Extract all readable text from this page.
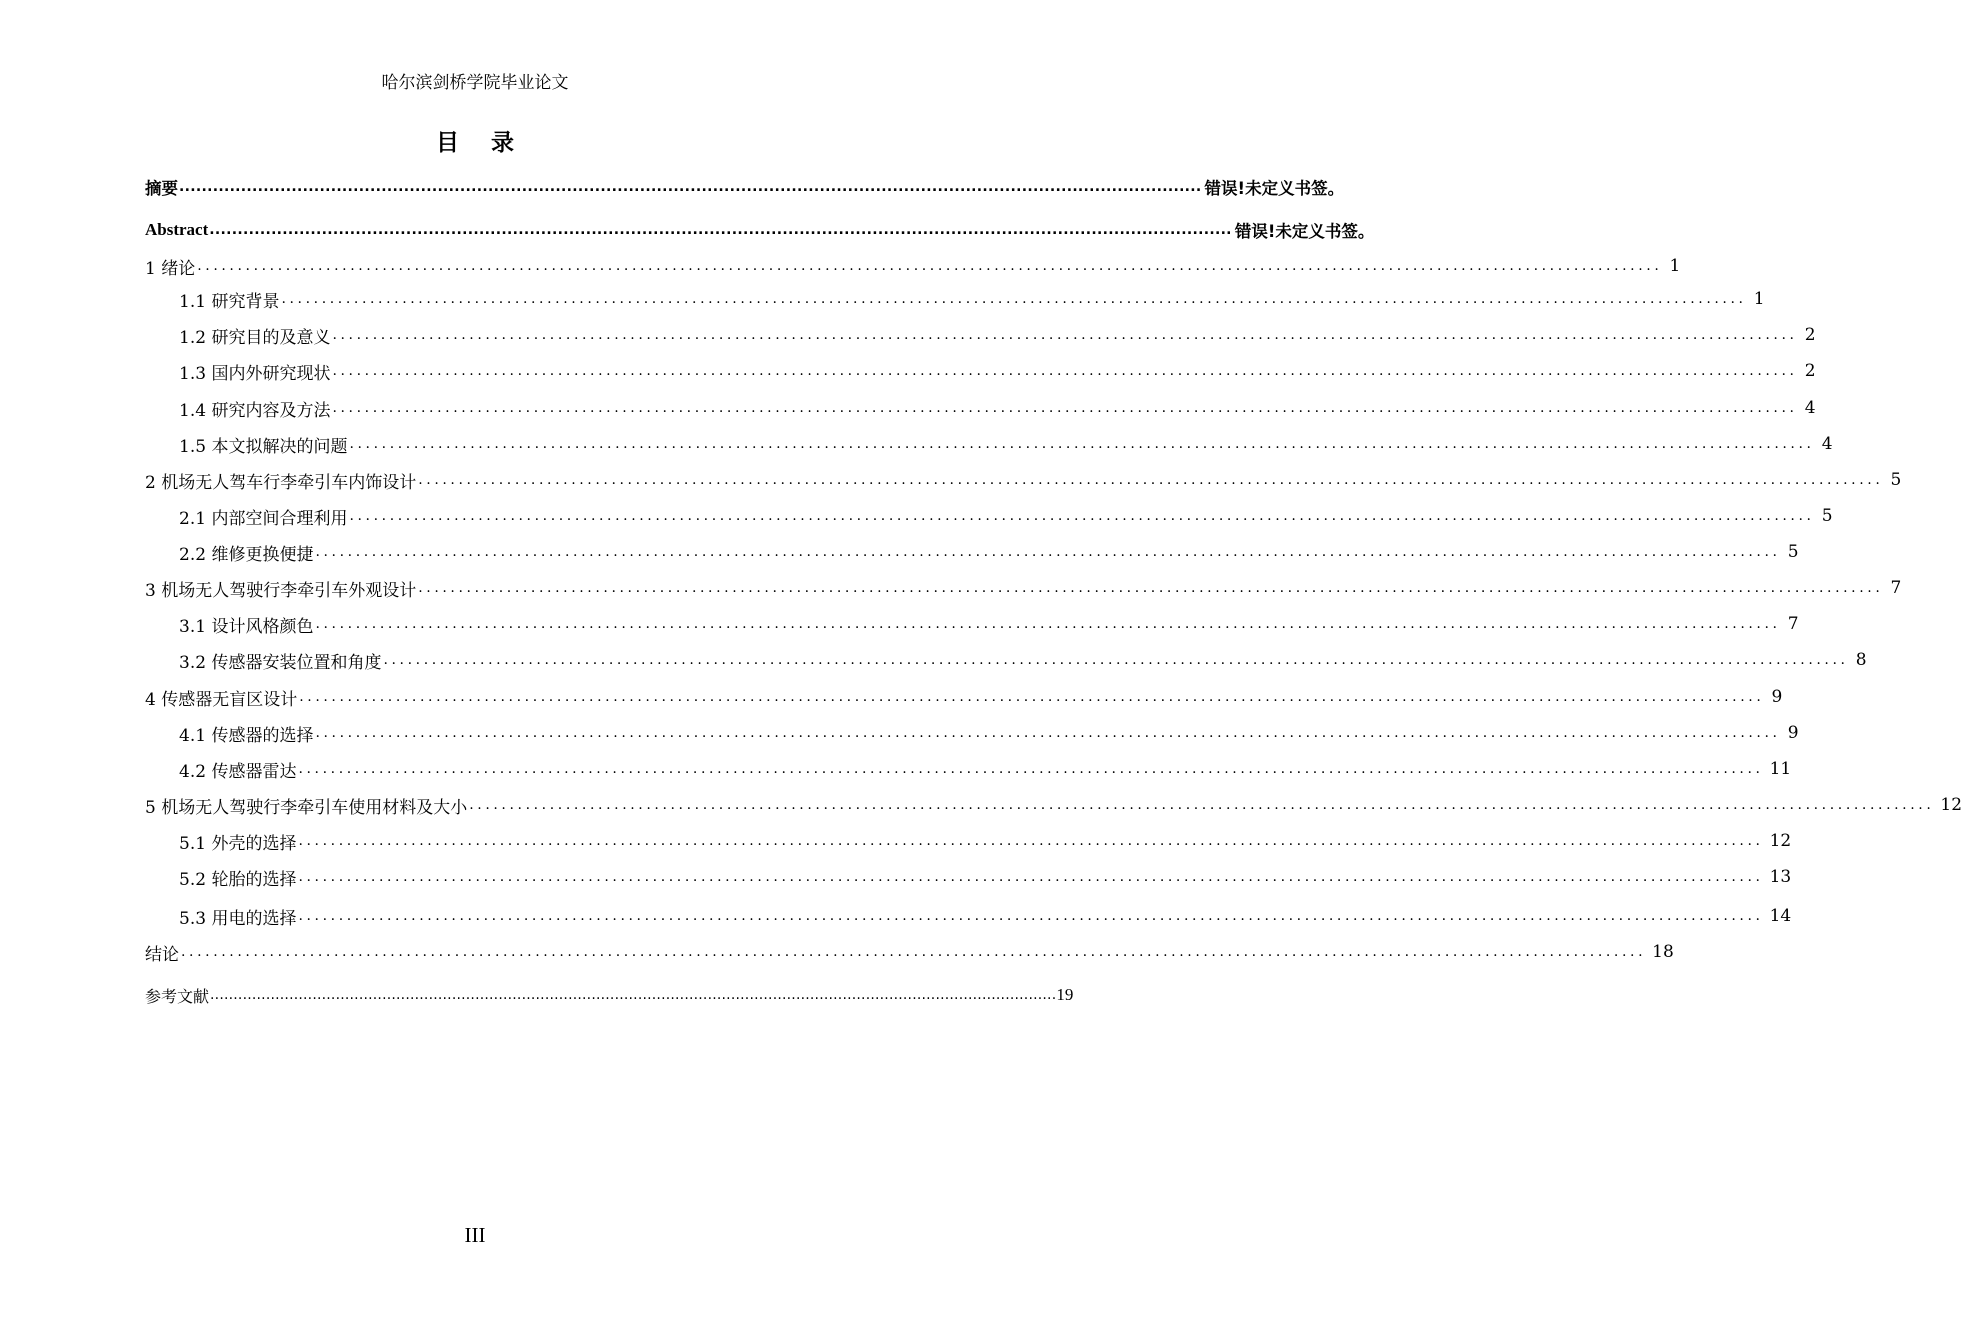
哈尔滨剑桥学院毕业论文
目 录
摘要 ...................................................................................................................................................................................... 错误!未定义书签。
Abstract ...................................................................................................................................................................................... 错误!未定义书签。
1 绪论 ...................................................................................................................................................................................... 1
1.1 研究背景 ...................................................................................................................................................................................... 1
1.2 研究目的及意义 ...................................................................................................................................................................................... 2
1.3 国内外研究现状 ...................................................................................................................................................................................... 2
1.4 研究内容及方法 ...................................................................................................................................................................................... 4
1.5 本文拟解决的问题 ...................................................................................................................................................................................... 4
2 机场无人驾车行李牵引车内饰设计 ...................................................................................................................................................................................... 5
2.1 内部空间合理利用 ...................................................................................................................................................................................... 5
2.2 维修更换便捷 ...................................................................................................................................................................................... 5
3 机场无人驾驶行李牵引车外观设计 ...................................................................................................................................................................................... 7
3.1 设计风格颜色 ...................................................................................................................................................................................... 7
3.2 传感器安装位置和角度 ...................................................................................................................................................................................... 8
4 传感器无盲区设计 ...................................................................................................................................................................................... 9
4.1 传感器的选择 ...................................................................................................................................................................................... 9
4.2 传感器雷达 ...................................................................................................................................................................................... 11
5 机场无人驾驶行李牵引车使用材料及大小 ...................................................................................................................................................................................... 12
5.1 外壳的选择 ...................................................................................................................................................................................... 12
5.2 轮胎的选择 ...................................................................................................................................................................................... 13
5.3 用电的选择 ...................................................................................................................................................................................... 14
结论 ...................................................................................................................................................................................... 18
参考文献 ...................................................................................................................................................................................... 19
III
